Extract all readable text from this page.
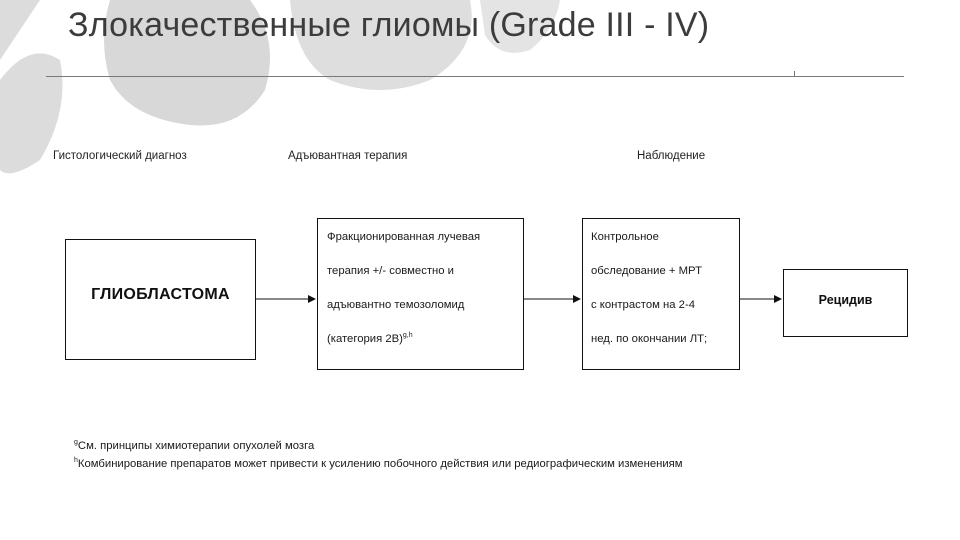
Злокачественные глиомы (Grade III - IV)
Гистологический диагноз	Адъювантная терапия	Наблюдение
ГЛИОБЛАСТОМА
Фракционированная лучевая
терапия +/- совместно и
адъювантно темозоломид
(категория 2B)$^{g,h}$
Контрольное
обследование + МРТ
с контрастом на 2-4
нед. по окончании ЛТ;
Рецидив
$^g$См. принципы химиотерапии опухолей мозга
$^h$Комбинирование препаратов может привести к усилению побочного действия или редиографическим изменениям
